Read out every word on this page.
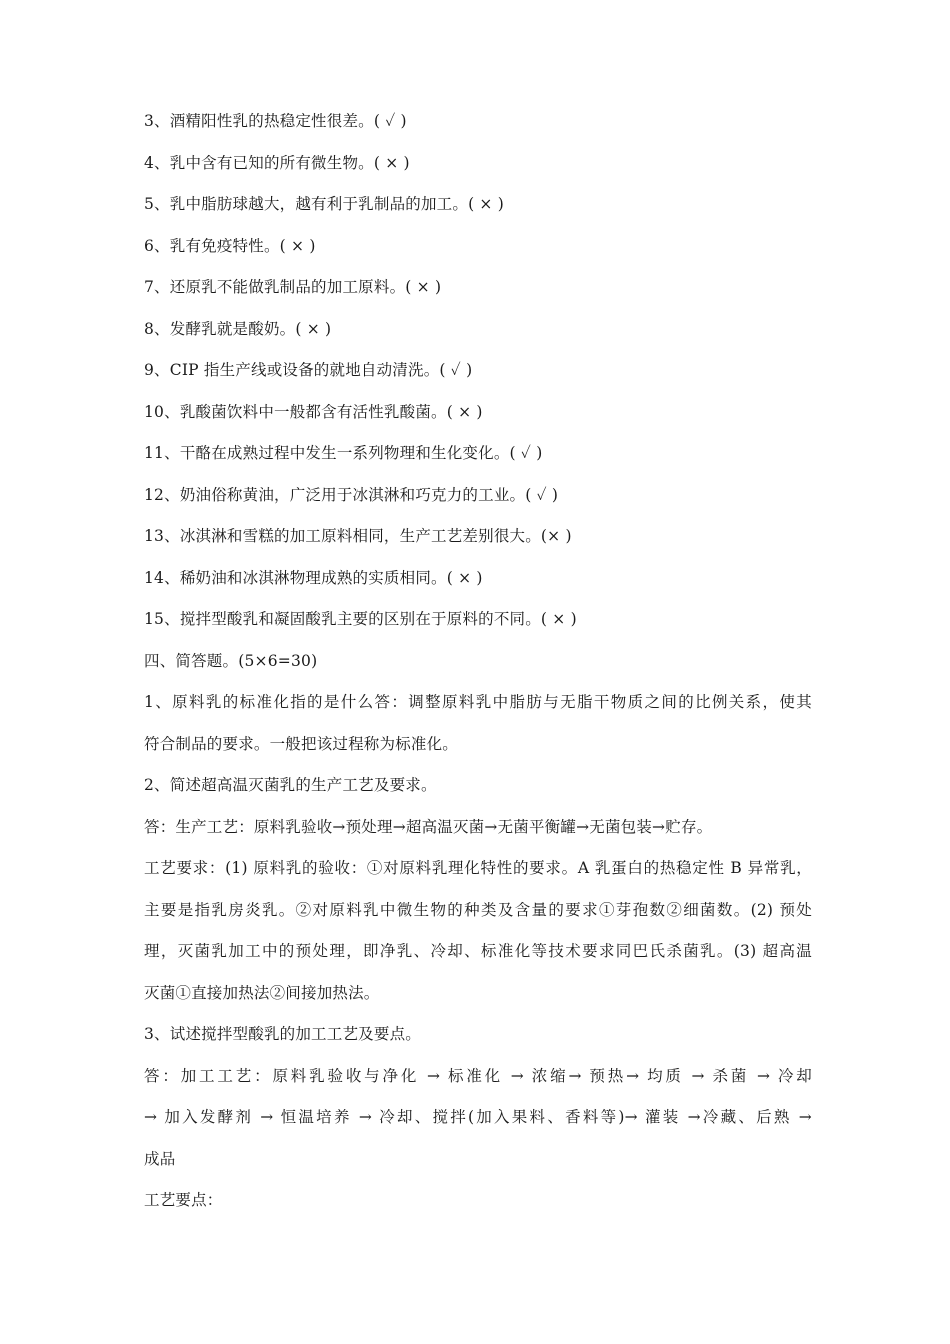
3、酒精阳性乳的热稳定性很差。( ✓ )
4、乳中含有已知的所有微生物。( × )
5、乳中脂肪球越大，越有利于乳制品的加工。( × )
6、乳有免疫特性。( × )
7、还原乳不能做乳制品的加工原料。( × )
8、发酵乳就是酸奶。( × )
9、CIP 指生产线或设备的就地自动清洗。( ✓ )
10、乳酸菌饮料中一般都含有活性乳酸菌。( × )
11、干酪在成熟过程中发生一系列物理和生化变化。( ✓ )
12、奶油俗称黄油，广泛用于冰淇淋和巧克力的工业。( ✓ )
13、冰淇淋和雪糕的加工原料相同，生产工艺差别很大。(× )
14、稀奶油和冰淇淋物理成熟的实质相同。( × )
15、搅拌型酸乳和凝固酸乳主要的区别在于原料的不同。( × )
四、简答题。(5×6=30)
1、原料乳的标准化指的是什么答：调整原料乳中脂肪与无脂干物质之间的比例关系，使其
符合制品的要求。一般把该过程称为标准化。
2、简述超高温灭菌乳的生产工艺及要求。
答：生产工艺：原料乳验收→预处理→超高温灭菌→无菌平衡罐→无菌包装→贮存。
工艺要求：(1) 原料乳的验收：①对原料乳理化特性的要求。A 乳蛋白的热稳定性 B 异常乳，
主要是指乳房炎乳。②对原料乳中微生物的种类及含量的要求①芽孢数②细菌数。(2) 预处
理，灭菌乳加工中的预处理，即净乳、冷却、标准化等技术要求同巴氏杀菌乳。(3) 超高温
灭菌①直接加热法②间接加热法。
3、试述搅拌型酸乳的加工工艺及要点。
答：加工工艺：原料乳验收与净化 → 标准化 → 浓缩→ 预热→ 均质 → 杀菌 → 冷却
→ 加入发酵剂 → 恒温培养 → 冷却、搅拌(加入果料、香料等)→ 灌装 →冷藏、后熟 →
成品
工艺要点：
